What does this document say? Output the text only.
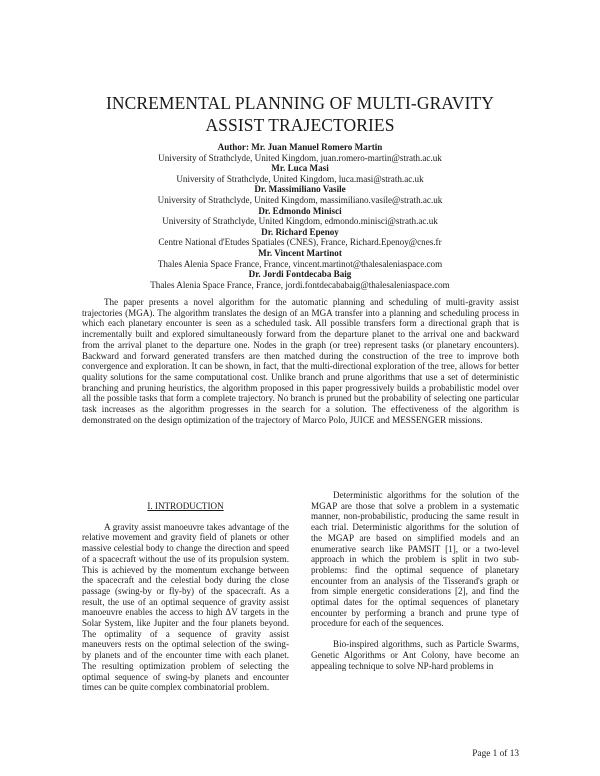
INCREMENTAL PLANNING OF MULTI-GRAVITY
ASSIST TRAJECTORIES
Author: Mr. Juan Manuel Romero Martin
University of Strathclyde, United Kingdom, juan.romero-martin@strath.ac.uk
Mr. Luca Masi
University of Strathclyde, United Kingdom, luca.masi@strath.ac.uk
Dr. Massimiliano Vasile
University of Strathclyde, United Kingdom, massimiliano.vasile@strath.ac.uk
Dr. Edmondo Minisci
University of Strathclyde, United Kingdom, edmondo.minisci@strath.ac.uk
Dr. Richard Epenoy
Centre National d'Etudes Spatiales (CNES), France, Richard.Epenoy@cnes.fr
Mr. Vincent Martinot
Thales Alenia Space France, France, vincent.martinot@thalesaleniaspace.com
Dr. Jordi Fontdecaba Baig
Thales Alenia Space France, France, jordi.fontdecababaig@thalesaleniaspace.com

The paper presents a novel algorithm for the automatic planning and scheduling of multi-gravity assist trajectories (MGA). The algorithm translates the design of an MGA transfer into a planning and scheduling process in which each planetary encounter is seen as a scheduled task. All possible transfers form a directional graph that is incrementally built and explored simultaneously forward from the departure planet to the arrival one and backward from the arrival planet to the departure one. Nodes in the graph (or tree) represent tasks (or planetary encounters). Backward and forward generated transfers are then matched during the construction of the tree to improve both convergence and exploration. It can be shown, in fact, that the multi-directional exploration of the tree, allows for better quality solutions for the same computational cost. Unlike branch and prune algorithms that use a set of deterministic branching and pruning heuristics, the algorithm proposed in this paper progressively builds a probabilistic model over all the possible tasks that form a complete trajectory. No branch is pruned but the probability of selecting one particular task increases as the algorithm progresses in the search for a solution. The effectiveness of the algorithm is demonstrated on the design optimization of the trajectory of Marco Polo, JUICE and MESSENGER missions.

I. INTRODUCTION

A gravity assist manoeuvre takes advantage of the relative movement and gravity field of planets or other massive celestial body to change the direction and speed of a spacecraft without the use of its propulsion system. This is achieved by the momentum exchange between the spacecraft and the celestial body during the close passage (swing-by or fly-by) of the spacecraft. As a result, the use of an optimal sequence of gravity assist manoeuvre enables the access to high ΔV targets in the Solar System, like Jupiter and the four planets beyond. The optimality of a sequence of gravity assist maneuvers rests on the optimal selection of the swing-by planets and of the encounter time with each planet. The resulting optimization problem of selecting the optimal sequence of swing-by planets and encounter times can be quite complex combinatorial problem.

Deterministic algorithms for the solution of the MGAP are those that solve a problem in a systematic manner, non-probabilistic, producing the same result in each trial. Deterministic algorithms for the solution of the MGAP are based on simplified models and an enumerative search like PAMSIT [1], or a two-level approach in which the problem is split in two sub-problems: find the optimal sequence of planetary encounter from an analysis of the Tisserand's graph or from simple energetic considerations [2], and find the optimal dates for the optimal sequences of planetary encounter by performing a branch and prune type of procedure for each of the sequences.

Bio-inspired algorithms, such as Particle Swarms, Genetic Algorithms or Ant Colony, have become an appealing technique to solve NP-hard problems in

Page 1 of 13
